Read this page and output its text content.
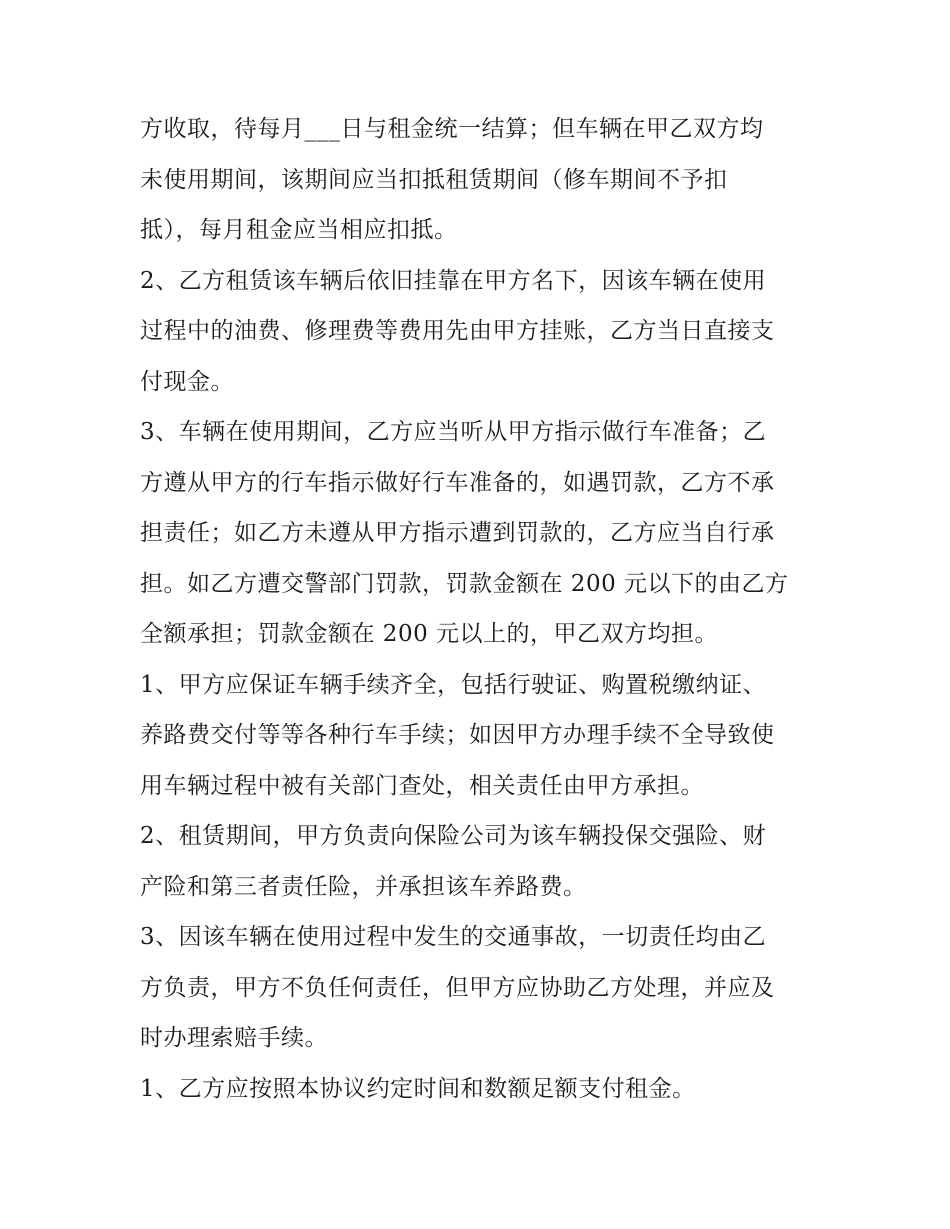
方收取，待每月___日与租金统一结算；但车辆在甲乙双方均
未使用期间，该期间应当扣抵租赁期间（修车期间不予扣
抵），每月租金应当相应扣抵。

2、乙方租赁该车辆后依旧挂靠在甲方名下，因该车辆在使用
过程中的油费、修理费等费用先由甲方挂账，乙方当日直接支
付现金。

3、车辆在使用期间，乙方应当听从甲方指示做行车准备；乙
方遵从甲方的行车指示做好行车准备的，如遇罚款，乙方不承
担责任；如乙方未遵从甲方指示遭到罚款的，乙方应当自行承
担。如乙方遭交警部门罚款，罚款金额在 200 元以下的由乙方
全额承担；罚款金额在 200 元以上的，甲乙双方均担。

1、甲方应保证车辆手续齐全，包括行驶证、购置税缴纳证、
养路费交付等等各种行车手续；如因甲方办理手续不全导致使
用车辆过程中被有关部门查处，相关责任由甲方承担。

2、租赁期间，甲方负责向保险公司为该车辆投保交强险、财
产险和第三者责任险，并承担该车养路费。

3、因该车辆在使用过程中发生的交通事故，一切责任均由乙
方负责，甲方不负任何责任，但甲方应协助乙方处理，并应及
时办理索赔手续。

1、乙方应按照本协议约定时间和数额足额支付租金。
